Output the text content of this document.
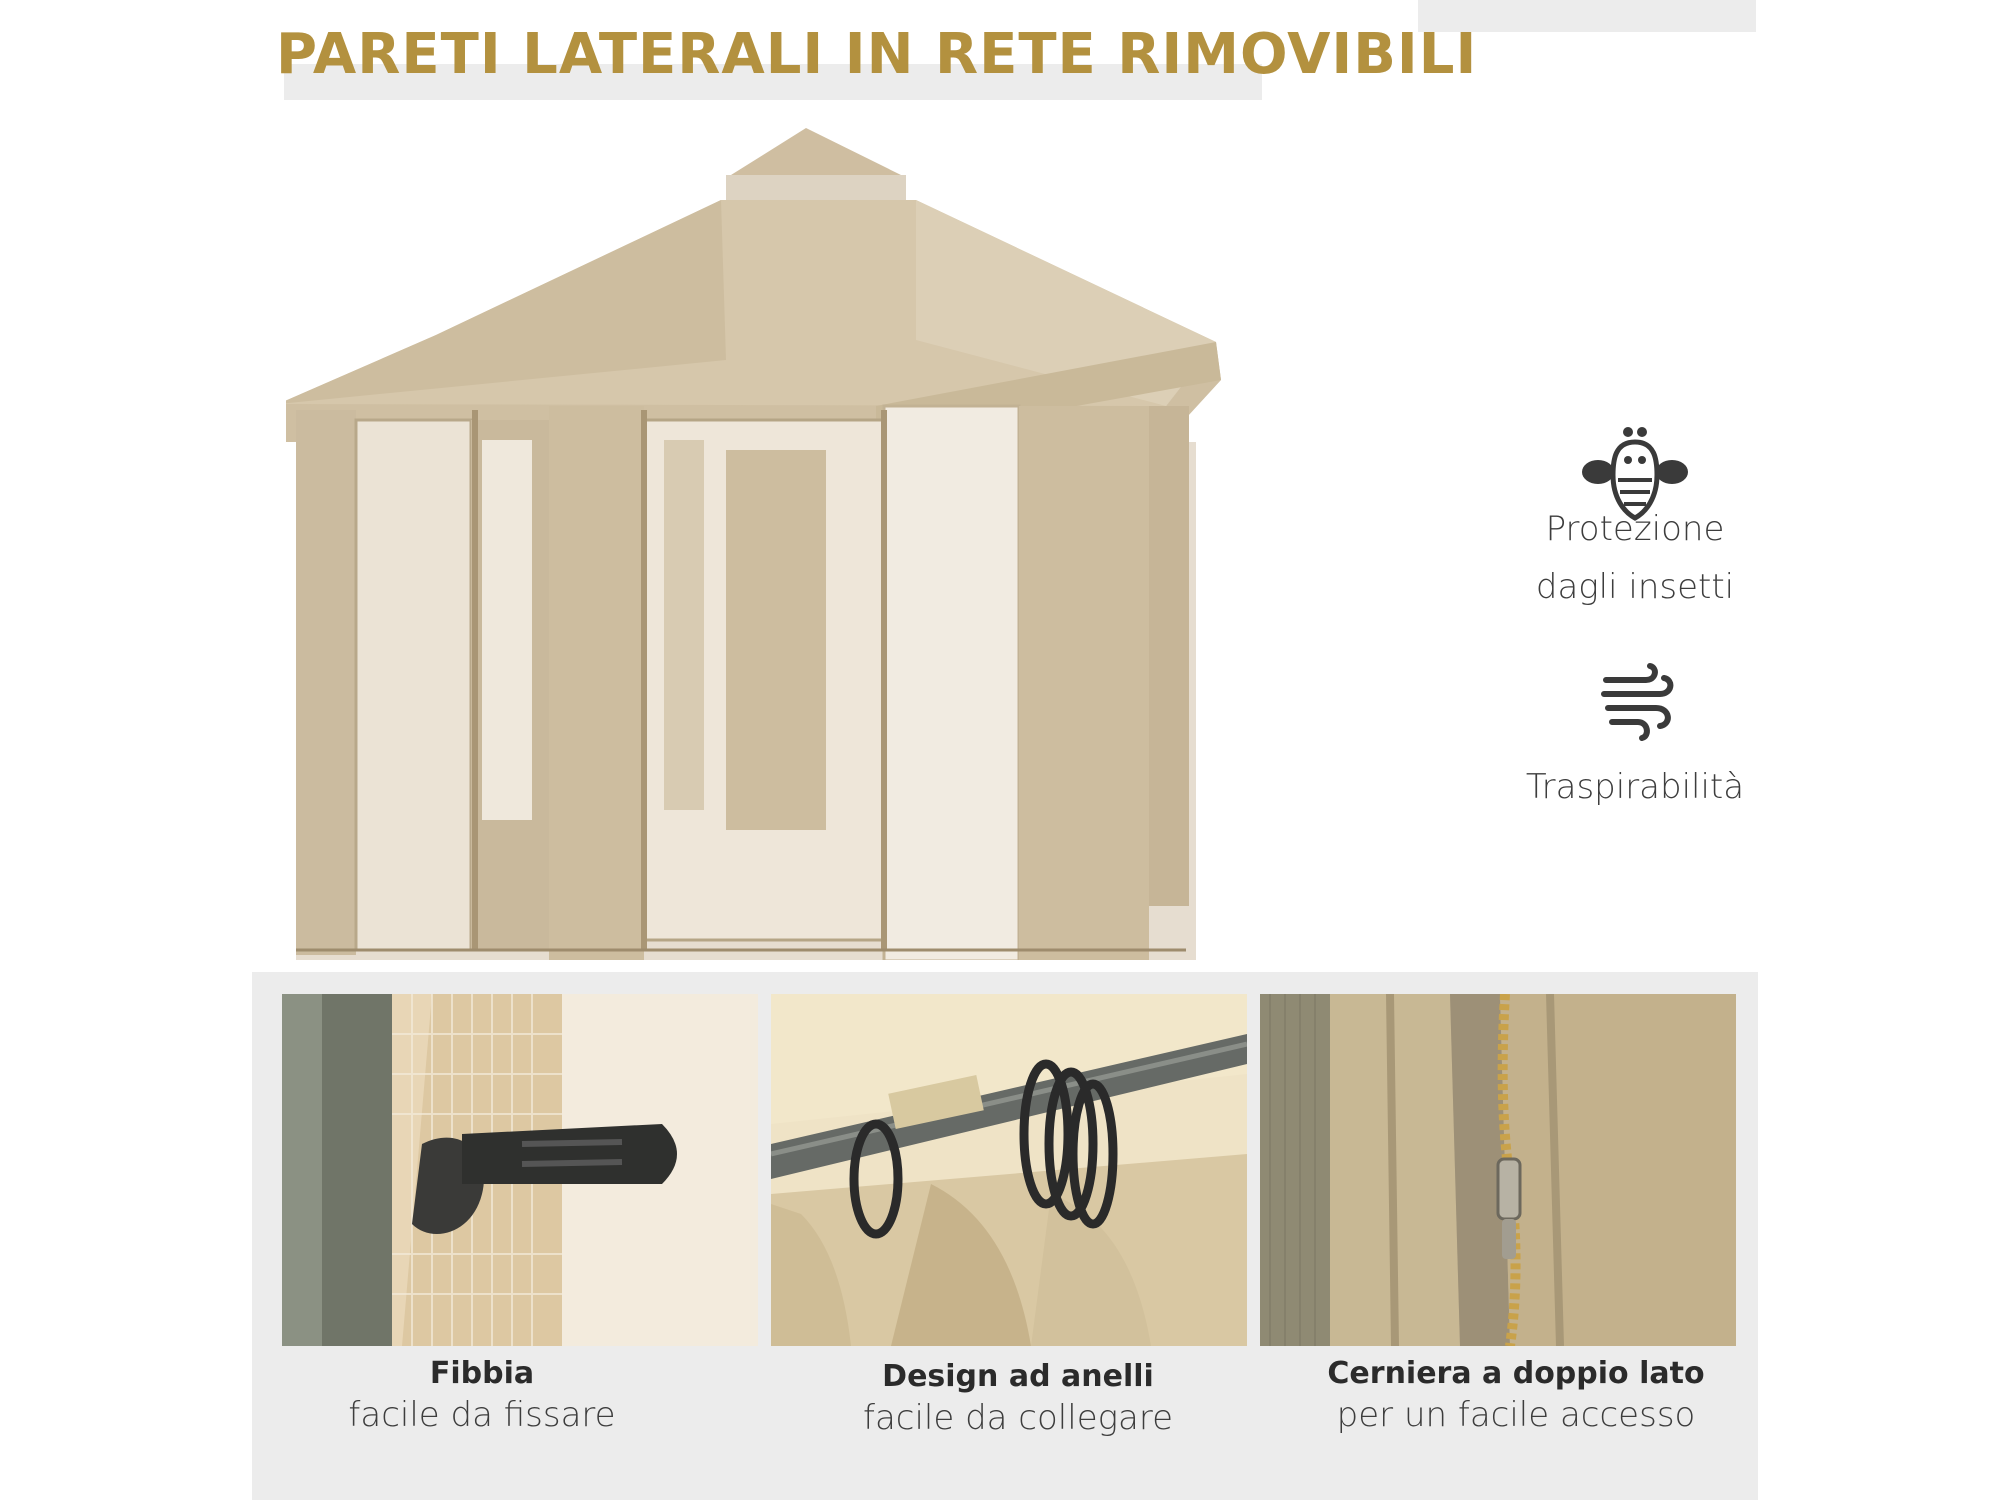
PARETI LATERALI IN RETE RIMOVIBILI
Protezione
dagli insetti
Traspirabilità
Fibbia
facile da fissare
Design ad anelli
facile da collegare
Cerniera a doppio lato
per un facile accesso
